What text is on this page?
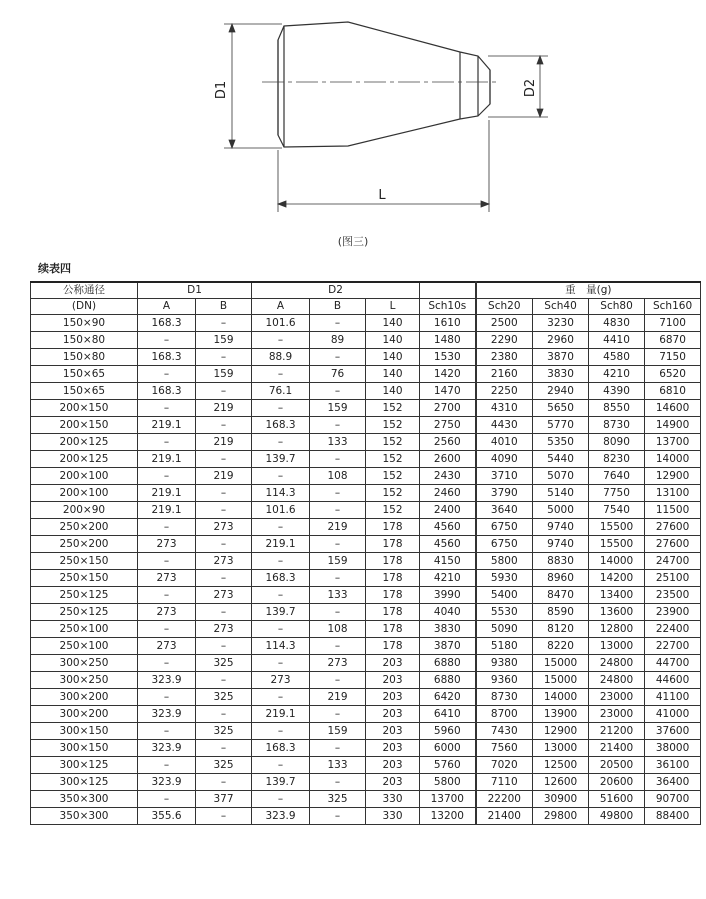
D1	D2
L
(图三)
续表四
公称通径	D1		D2				重　量(g)			
(DN)	A	B	A	B	L	Sch10s	Sch20	Sch40	Sch80	Sch160
150×90	168.3	–	101.6	–	140	1610	2500	3230	4830	7100
150×80	–	159	–	89	140	1480	2290	2960	4410	6870
150×80	168.3	–	88.9	–	140	1530	2380	3870	4580	7150
150×65	–	159	–	76	140	1420	2160	3830	4210	6520
150×65	168.3	–	76.1	–	140	1470	2250	2940	4390	6810
200×150	–	219	–	159	152	2700	4310	5650	8550	14600
200×150	219.1	–	168.3	–	152	2750	4430	5770	8730	14900
200×125	–	219	–	133	152	2560	4010	5350	8090	13700
200×125	219.1	–	139.7	–	152	2600	4090	5440	8230	14000
200×100	–	219	–	108	152	2430	3710	5070	7640	12900
200×100	219.1	–	114.3	–	152	2460	3790	5140	7750	13100
200×90	219.1	–	101.6	–	152	2400	3640	5000	7540	11500
250×200	–	273	–	219	178	4560	6750	9740	15500	27600
250×200	273	–	219.1	–	178	4560	6750	9740	15500	27600
250×150	–	273	–	159	178	4150	5800	8830	14000	24700
250×150	273	–	168.3	–	178	4210	5930	8960	14200	25100
250×125	–	273	–	133	178	3990	5400	8470	13400	23500
250×125	273	–	139.7	–	178	4040	5530	8590	13600	23900
250×100	–	273	–	108	178	3830	5090	8120	12800	22400
250×100	273	–	114.3	–	178	3870	5180	8220	13000	22700
300×250	–	325	–	273	203	6880	9380	15000	24800	44700
300×250	323.9	–	273	–	203	6880	9360	15000	24800	44600
300×200	–	325	–	219	203	6420	8730	14000	23000	41100
300×200	323.9	–	219.1	–	203	6410	8700	13900	23000	41000
300×150	–	325	–	159	203	5960	7430	12900	21200	37600
300×150	323.9	–	168.3	–	203	6000	7560	13000	21400	38000
300×125	–	325	–	133	203	5760	7020	12500	20500	36100
300×125	323.9	–	139.7	–	203	5800	7110	12600	20600	36400
350×300	–	377	–	325	330	13700	22200	30900	51600	90700
350×300	355.6	–	323.9	–	330	13200	21400	29800	49800	88400
